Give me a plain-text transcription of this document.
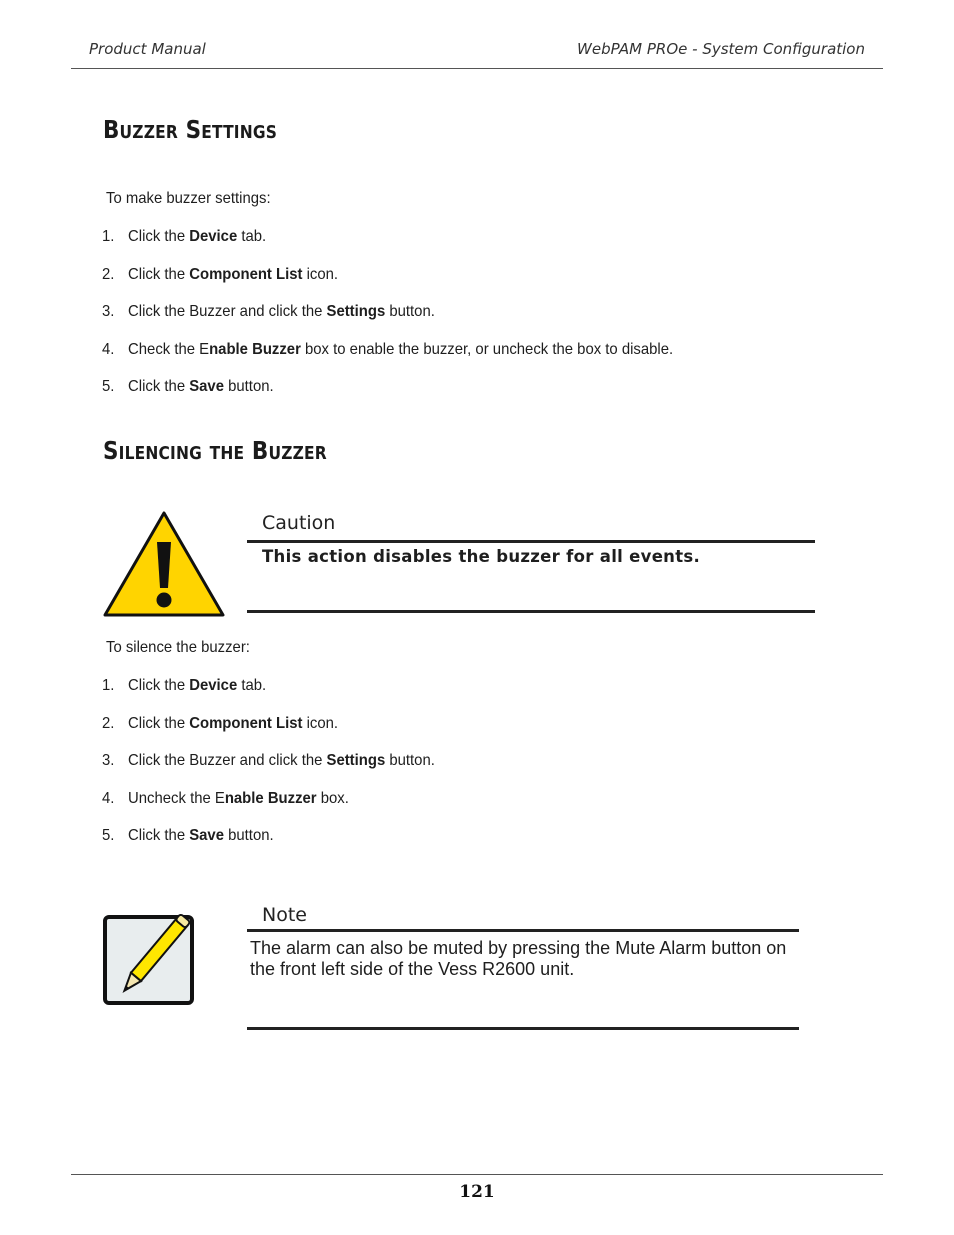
Product Manual	WebPAM PROe - System Configuration
Buzzer Settings
To make buzzer settings:
1. Click the Device tab.
2. Click the Component List icon.
3. Click the Buzzer and click the Settings button.
4. Check the Enable Buzzer box to enable the buzzer, or uncheck the box to disable.
5. Click the Save button.
Silencing the Buzzer
Caution
This action disables the buzzer for all events.
To silence the buzzer:
1. Click the Device tab.
2. Click the Component List icon.
3. Click the Buzzer and click the Settings button.
4. Uncheck the Enable Buzzer box.
5. Click the Save button.
Note
The alarm can also be muted by pressing the Mute Alarm button on the front left side of the Vess R2600 unit.
121
